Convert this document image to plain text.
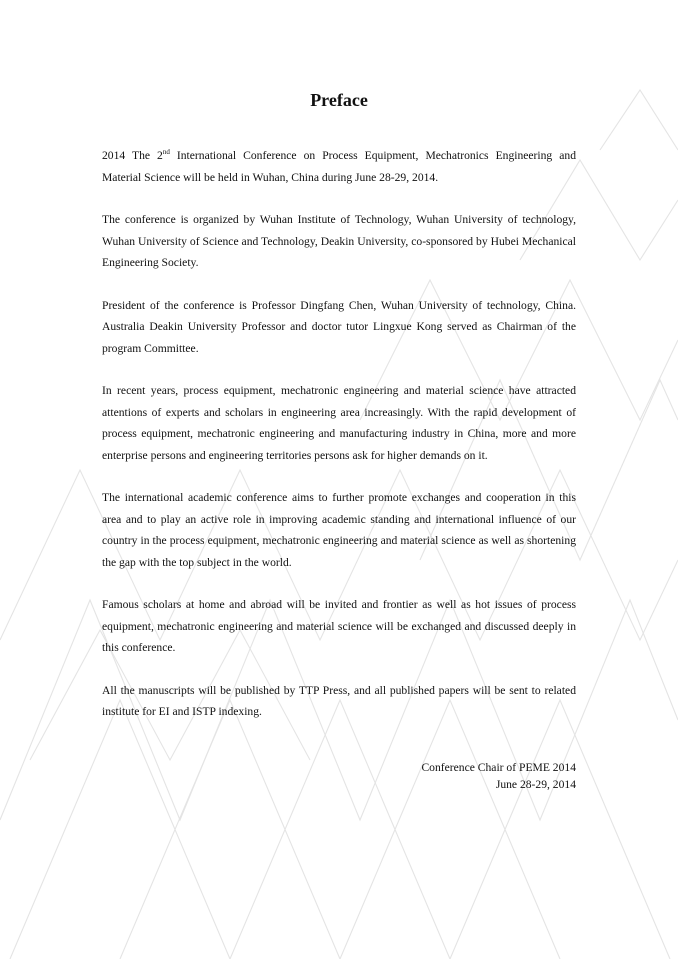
Preface

2014 The 2nd International Conference on Process Equipment, Mechatronics Engineering and Material Science will be held in Wuhan, China during June 28-29, 2014.

The conference is organized by Wuhan Institute of Technology, Wuhan University of technology, Wuhan University of Science and Technology, Deakin University, co-sponsored by Hubei Mechanical Engineering Society.

President of the conference is Professor Dingfang Chen, Wuhan University of technology, China. Australia Deakin University Professor and doctor tutor Lingxue Kong served as Chairman of the program Committee.

In recent years, process equipment, mechatronic engineering and material science have attracted attentions of experts and scholars in engineering area increasingly. With the rapid development of process equipment, mechatronic engineering and manufacturing industry in China, more and more enterprise persons and engineering territories persons ask for higher demands on it.

The international academic conference aims to further promote exchanges and cooperation in this area and to play an active role in improving academic standing and international influence of our country in the process equipment, mechatronic engineering and material science as well as shortening the gap with the top subject in the world.

Famous scholars at home and abroad will be invited and frontier as well as hot issues of process equipment, mechatronic engineering and material science will be exchanged and discussed deeply in this conference.

All the manuscripts will be published by TTP Press, and all published papers will be sent to related institute for EI and ISTP indexing.

Conference Chair of PEME 2014
June 28-29, 2014
